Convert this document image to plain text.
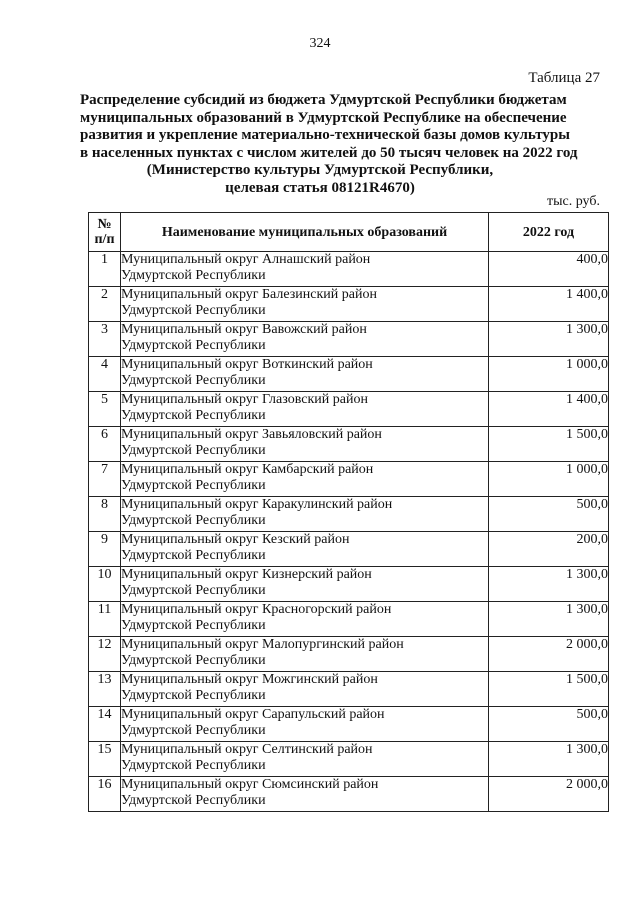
324
Таблица 27
Распределение субсидий из бюджета Удмуртской Республики бюджетам
муниципальных образований в Удмуртской Республике на обеспечение
развития и укрепление материально-технической базы домов культуры
в населенных пунктах с числом жителей до 50 тысяч человек на 2022 год
(Министерство культуры Удмуртской Республики,
целевая статья 08121R4670)
тыс. руб.
№
п/п	Наименование муниципальных образований	2022 год
1	Муниципальный округ Алнашский район
Удмуртской Республики	400,0
2	Муниципальный округ Балезинский район
Удмуртской Республики	1 400,0
3	Муниципальный округ Вавожский район
Удмуртской Республики	1 300,0
4	Муниципальный округ Воткинский район
Удмуртской Республики	1 000,0
5	Муниципальный округ Глазовский район
Удмуртской Республики	1 400,0
6	Муниципальный округ Завьяловский район
Удмуртской Республики	1 500,0
7	Муниципальный округ Камбарский район
Удмуртской Республики	1 000,0
8	Муниципальный округ Каракулинский район
Удмуртской Республики	500,0
9	Муниципальный округ Кезский район
Удмуртской Республики	200,0
10	Муниципальный округ Кизнерский район
Удмуртской Республики	1 300,0
11	Муниципальный округ Красногорский район
Удмуртской Республики	1 300,0
12	Муниципальный округ Малопургинский район
Удмуртской Республики	2 000,0
13	Муниципальный округ Можгинский район
Удмуртской Республики	1 500,0
14	Муниципальный округ Сарапульский район
Удмуртской Республики	500,0
15	Муниципальный округ Селтинский район
Удмуртской Республики	1 300,0
16	Муниципальный округ Сюмсинский район
Удмуртской Республики	2 000,0
